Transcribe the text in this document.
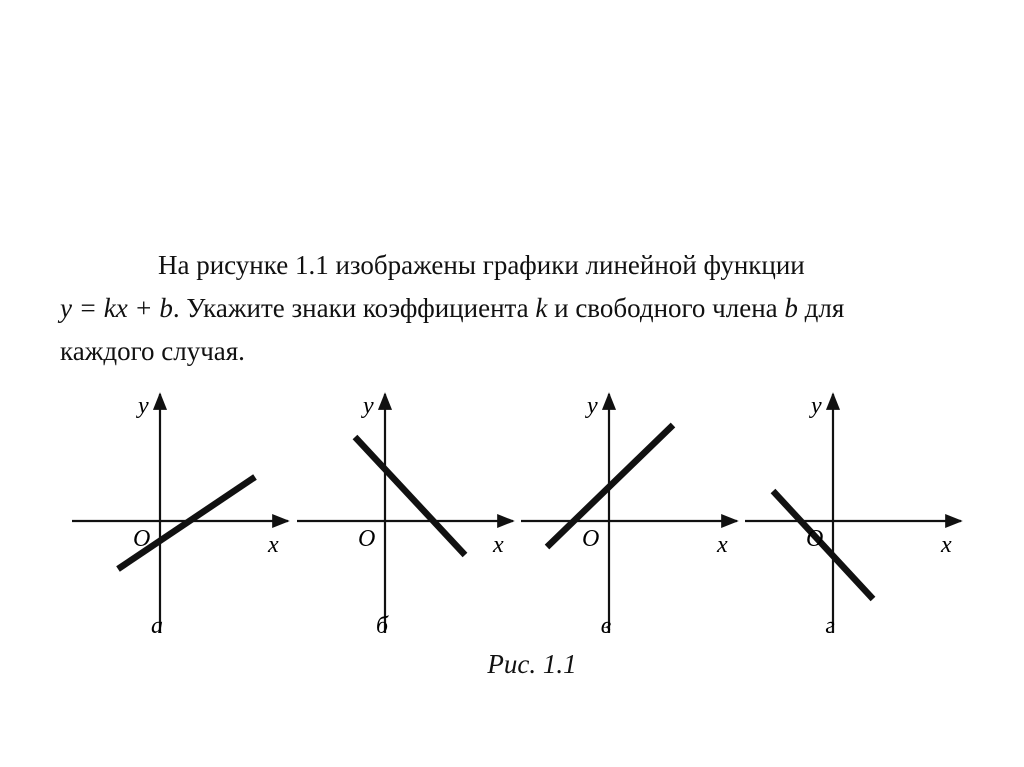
На рисунке 1.1 изображены графики линейной функции
y = kx + b. Укажите знаки коэффициента k и свободного члена b для
каждого случая.
y
x
O
а
y
x
O
б
y
x
O
в
y
x
O
г
Рис. 1.1
